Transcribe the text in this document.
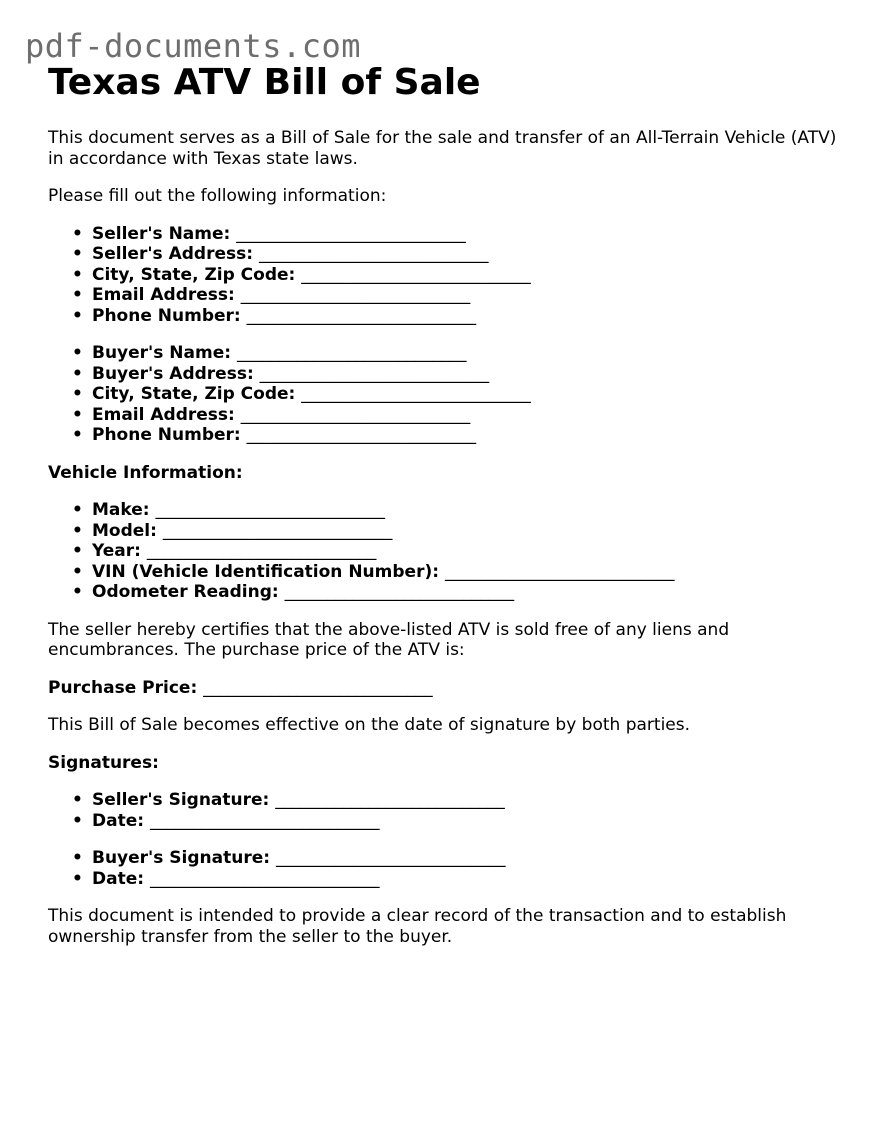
pdf-documents.com
Texas ATV Bill of Sale

This document serves as a Bill of Sale for the sale and transfer of an All-Terrain Vehicle (ATV) in accordance with Texas state laws.

Please fill out the following information:

• Seller's Name: ___________________________
• Seller's Address: ___________________________
• City, State, Zip Code: ___________________________
• Email Address: ___________________________
• Phone Number: ___________________________
• Buyer's Name: ___________________________
• Buyer's Address: ___________________________
• City, State, Zip Code: ___________________________
• Email Address: ___________________________
• Phone Number: ___________________________

Vehicle Information:

• Make: ___________________________
• Model: ___________________________
• Year: ___________________________
• VIN (Vehicle Identification Number): ___________________________
• Odometer Reading: ___________________________

The seller hereby certifies that the above-listed ATV is sold free of any liens and encumbrances. The purchase price of the ATV is:

Purchase Price: ___________________________

This Bill of Sale becomes effective on the date of signature by both parties.

Signatures:

• Seller's Signature: ___________________________
• Date: ___________________________
• Buyer's Signature: ___________________________
• Date: ___________________________

This document is intended to provide a clear record of the transaction and to establish ownership transfer from the seller to the buyer.
